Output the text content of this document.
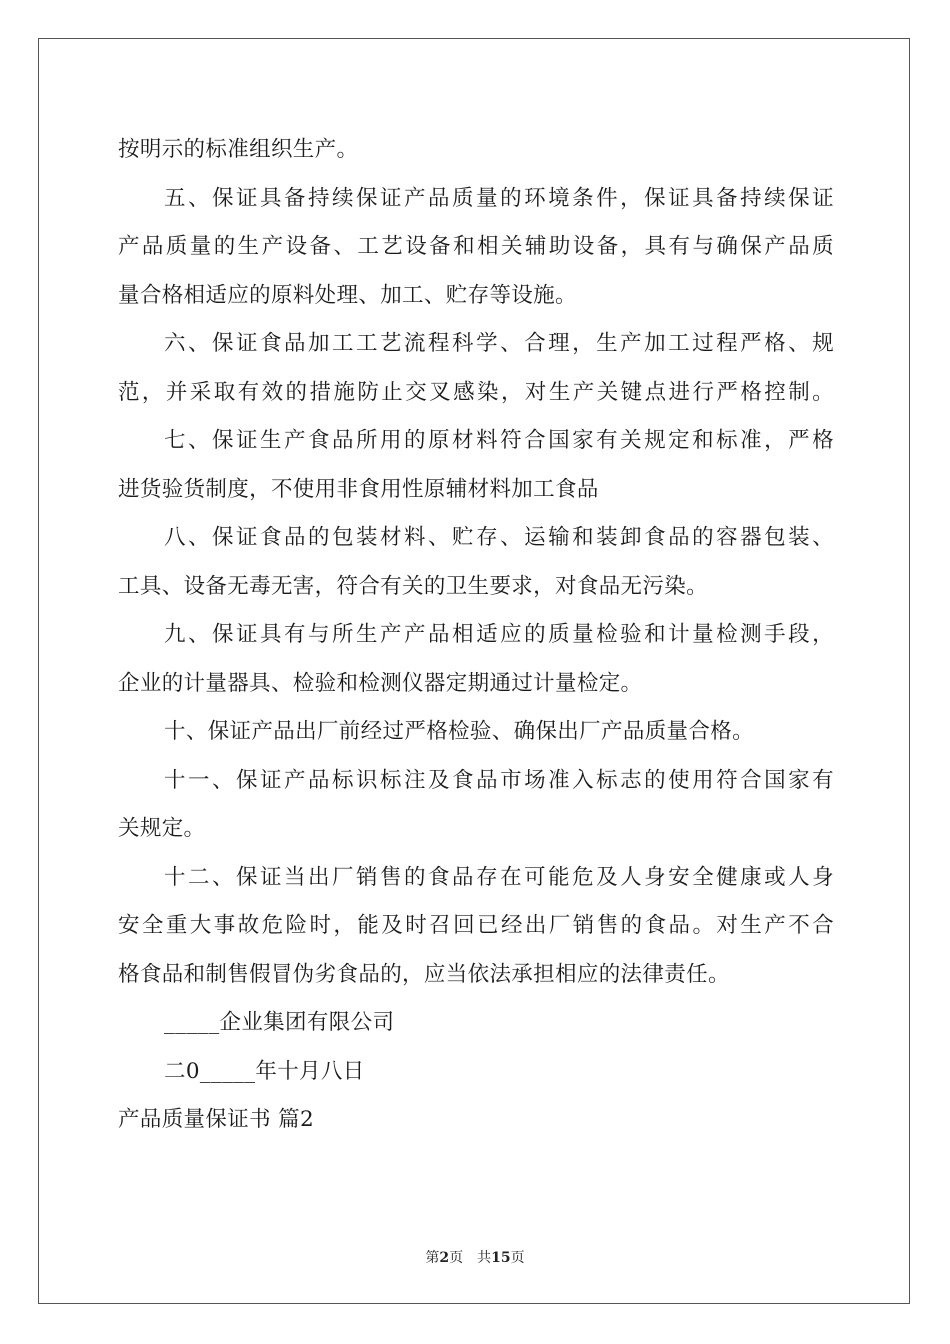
按明示的标准组织生产。
五、保证具备持续保证产品质量的环境条件，保证具备持续保证
产品质量的生产设备、工艺设备和相关辅助设备，具有与确保产品质
量合格相适应的原料处理、加工、贮存等设施。
六、保证食品加工工艺流程科学、合理，生产加工过程严格、规
范，并采取有效的措施防止交叉感染，对生产关键点进行严格控制。
七、保证生产食品所用的原材料符合国家有关规定和标准，严格
进货验货制度，不使用非食用性原辅材料加工食品
八、保证食品的包装材料、贮存、运输和装卸食品的容器包装、
工具、设备无毒无害，符合有关的卫生要求，对食品无污染。
九、保证具有与所生产产品相适应的质量检验和计量检测手段，
企业的计量器具、检验和检测仪器定期通过计量检定。
十、保证产品出厂前经过严格检验、确保出厂产品质量合格。
十一、保证产品标识标注及食品市场准入标志的使用符合国家有
关规定。
十二、保证当出厂销售的食品存在可能危及人身安全健康或人身
安全重大事故危险时，能及时召回已经出厂销售的食品。对生产不合
格食品和制售假冒伪劣食品的，应当依法承担相应的法律责任。
_____企业集团有限公司
二0_____年十月八日
产品质量保证书 篇2
第2页 共15页
